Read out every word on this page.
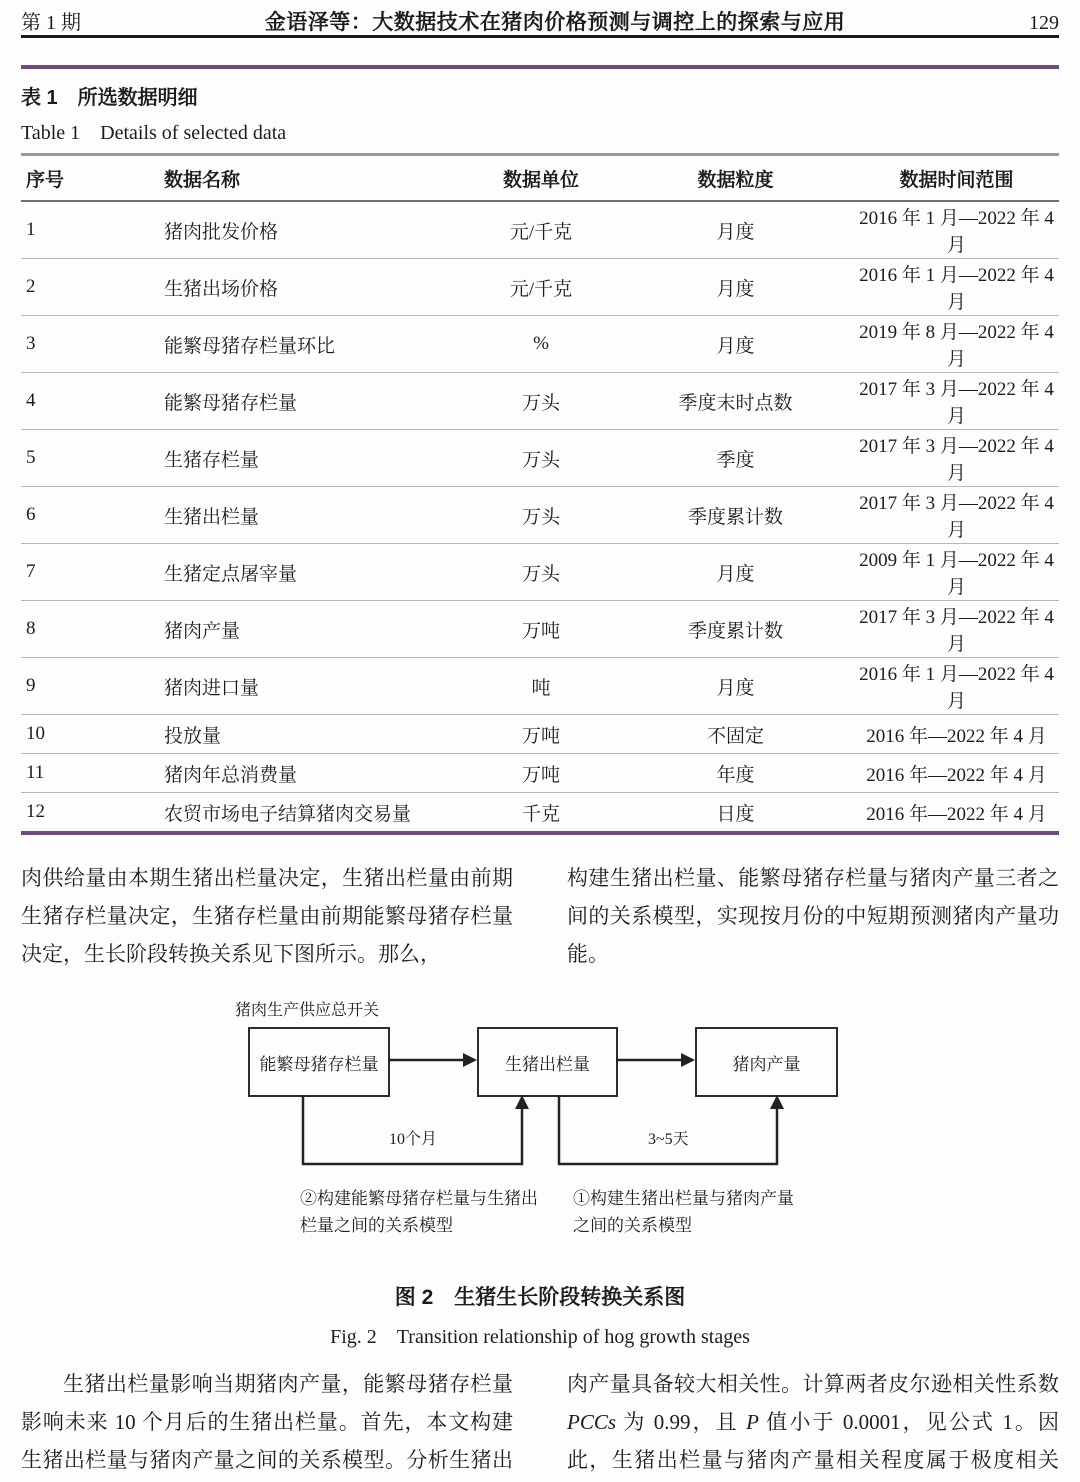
第 1 期	金语泽等：大数据技术在猪肉价格预测与调控上的探索与应用	129
表 1　所选数据明细
Table 1　Details of selected data
序号	数据名称	数据单位	数据粒度	数据时间范围
1	猪肉批发价格	元/千克	月度	2016 年 1 月—2022 年 4 月
2	生猪出场价格	元/千克	月度	2016 年 1 月—2022 年 4 月
3	能繁母猪存栏量环比	%	月度	2019 年 8 月—2022 年 4 月
4	能繁母猪存栏量	万头	季度末时点数	2017 年 3 月—2022 年 4 月
5	生猪存栏量	万头	季度	2017 年 3 月—2022 年 4 月
6	生猪出栏量	万头	季度累计数	2017 年 3 月—2022 年 4 月
7	生猪定点屠宰量	万头	月度	2009 年 1 月—2022 年 4 月
8	猪肉产量	万吨	季度累计数	2017 年 3 月—2022 年 4 月
9	猪肉进口量	吨	月度	2016 年 1 月—2022 年 4 月
10	投放量	万吨	不固定	2016 年—2022 年 4 月
11	猪肉年总消费量	万吨	年度	2016 年—2022 年 4 月
12	农贸市场电子结算猪肉交易量	千克	日度	2016 年—2022 年 4 月
肉供给量由本期生猪出栏量决定，生猪出栏量由前期生猪存栏量决定，生猪存栏量由前期能繁母猪存栏量决定，生长阶段转换关系见下图所示。那么，
构建生猪出栏量、能繁母猪存栏量与猪肉产量三者之间的关系模型，实现按月份的中短期预测猪肉产量功能。
猪肉生产供应总开关
能繁母猪存栏量	生猪出栏量	猪肉产量
10个月	3~5天
②构建能繁母猪存栏量与生猪出
栏量之间的关系模型
①构建生猪出栏量与猪肉产量
之间的关系模型
图 2　生猪生长阶段转换关系图
Fig. 2　Transition relationship of hog growth stages
生猪出栏量影响当期猪肉产量，能繁母猪存栏量影响未来 10 个月后的生猪出栏量。首先，本文构建生猪出栏量与猪肉产量之间的关系模型。分析生猪出
肉产量具备较大相关性。计算两者皮尔逊相关性系数 PCCs 为 0.99，且 P 值小于 0.0001，见公式 1。因此，生猪出栏量与猪肉产量相关程度属于极度相关
